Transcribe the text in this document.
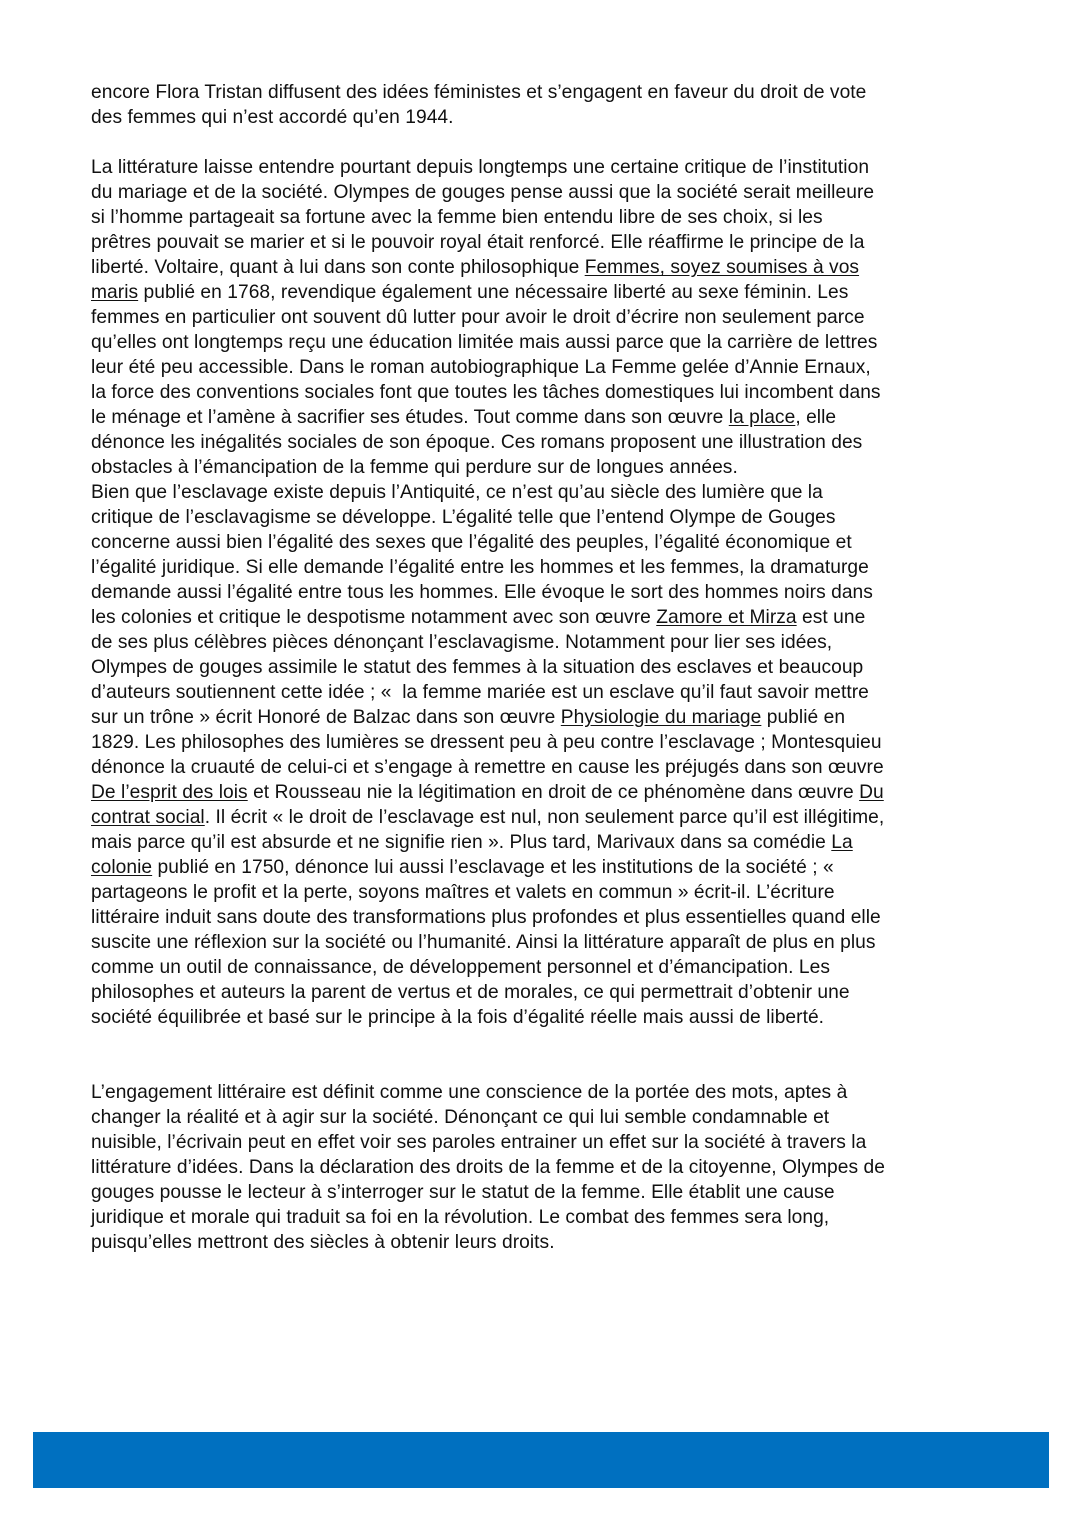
encore Flora Tristan diffusent des idées féministes et s’engagent en faveur du droit de vote
des femmes qui n’est accordé qu’en 1944.
La littérature laisse entendre pourtant depuis longtemps une certaine critique de l’institution
du mariage et de la société. Olympes de gouges pense aussi que la société serait meilleure
si l’homme partageait sa fortune avec la femme bien entendu libre de ses choix, si les
prêtres pouvait se marier et si le pouvoir royal était renforcé. Elle réaffirme le principe de la
liberté. Voltaire, quant à lui dans son conte philosophique Femmes, soyez soumises à vos
maris publié en 1768, revendique également une nécessaire liberté au sexe féminin. Les
femmes en particulier ont souvent dû lutter pour avoir le droit d’écrire non seulement parce
qu’elles ont longtemps reçu une éducation limitée mais aussi parce que la carrière de lettres
leur été peu accessible. Dans le roman autobiographique La Femme gelée d’Annie Ernaux,
la force des conventions sociales font que toutes les tâches domestiques lui incombent dans
le ménage et l’amène à sacrifier ses études. Tout comme dans son œuvre la place, elle
dénonce les inégalités sociales de son époque. Ces romans proposent une illustration des
obstacles à l’émancipation de la femme qui perdure sur de longues années.
Bien que l’esclavage existe depuis l’Antiquité, ce n’est qu’au siècle des lumière que la
critique de l’esclavagisme se développe. L’égalité telle que l’entend Olympe de Gouges
concerne aussi bien l’égalité des sexes que l’égalité des peuples, l’égalité économique et
l’égalité juridique. Si elle demande l’égalité entre les hommes et les femmes, la dramaturge
demande aussi l’égalité entre tous les hommes. Elle évoque le sort des hommes noirs dans
les colonies et critique le despotisme notamment avec son œuvre Zamore et Mirza est une
de ses plus célèbres pièces dénonçant l’esclavagisme. Notamment pour lier ses idées,
Olympes de gouges assimile le statut des femmes à la situation des esclaves et beaucoup
d’auteurs soutiennent cette idée ; «  la femme mariée est un esclave qu’il faut savoir mettre
sur un trône » écrit Honoré de Balzac dans son œuvre Physiologie du mariage publié en
1829. Les philosophes des lumières se dressent peu à peu contre l’esclavage ; Montesquieu
dénonce la cruauté de celui-ci et s’engage à remettre en cause les préjugés dans son œuvre
De l’esprit des lois et Rousseau nie la légitimation en droit de ce phénomène dans œuvre Du
contrat social. Il écrit « le droit de l’esclavage est nul, non seulement parce qu’il est illégitime,
mais parce qu’il est absurde et ne signifie rien ». Plus tard, Marivaux dans sa comédie La
colonie publié en 1750, dénonce lui aussi l’esclavage et les institutions de la société ; «
partageons le profit et la perte, soyons maîtres et valets en commun » écrit-il. L’écriture
littéraire induit sans doute des transformations plus profondes et plus essentielles quand elle
suscite une réflexion sur la société ou l’humanité. Ainsi la littérature apparaît de plus en plus
comme un outil de connaissance, de développement personnel et d’émancipation. Les
philosophes et auteurs la parent de vertus et de morales, ce qui permettrait d’obtenir une
société équilibrée et basé sur le principe à la fois d’égalité réelle mais aussi de liberté.
L’engagement littéraire est définit comme une conscience de la portée des mots, aptes à
changer la réalité et à agir sur la société. Dénonçant ce qui lui semble condamnable et
nuisible, l’écrivain peut en effet voir ses paroles entrainer un effet sur la société à travers la
littérature d’idées. Dans la déclaration des droits de la femme et de la citoyenne, Olympes de
gouges pousse le lecteur à s’interroger sur le statut de la femme. Elle établit une cause
juridique et morale qui traduit sa foi en la révolution. Le combat des femmes sera long,
puisqu’elles mettront des siècles à obtenir leurs droits.
